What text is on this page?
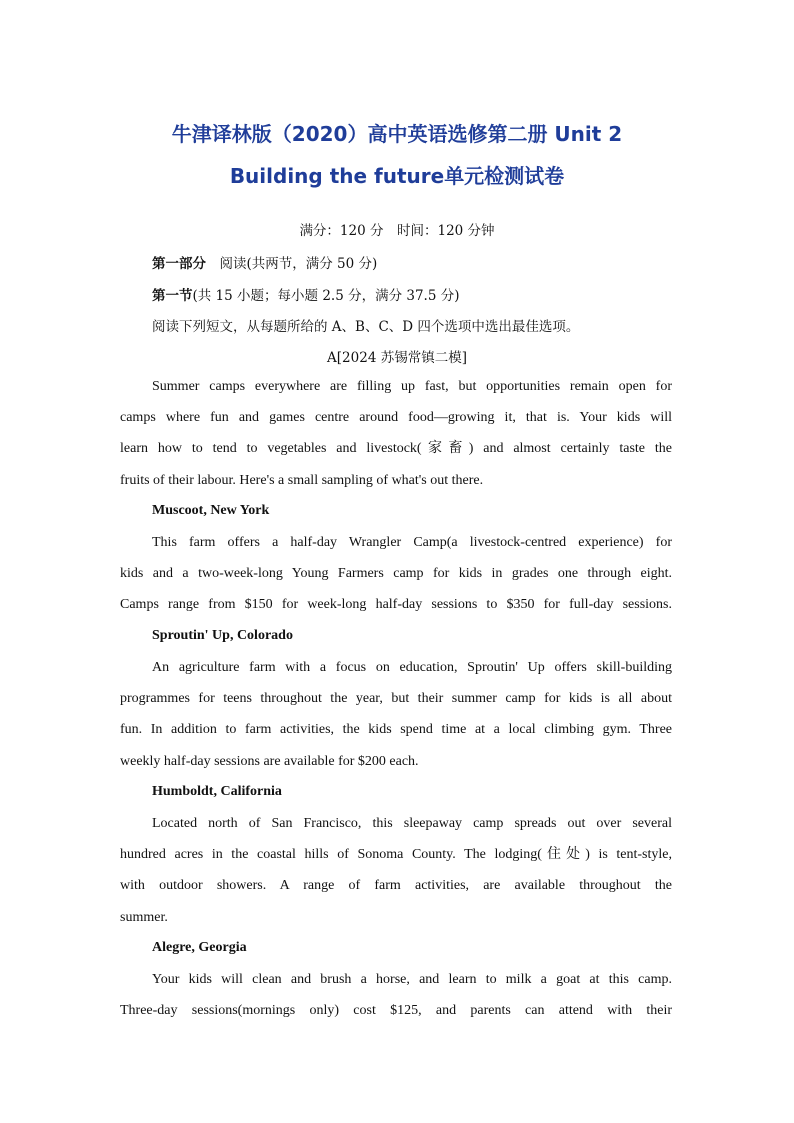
牛津译林版（2020）高中英语选修第二册 Unit 2
Building the future单元检测试卷
满分：120 分　时间：120 分钟
第一部分　阅读(共两节，满分 50 分)
第一节(共 15 小题；每小题 2.5 分，满分 37.5 分)
阅读下列短文，从每题所给的 A、B、C、D 四个选项中选出最佳选项。
A[2024 苏锡常镇二模]
Summer camps everywhere are filling up fast, but opportunities remain open for
camps where fun and games centre around food—growing it, that is. Your kids will
learn how to tend to vegetables and livestock(家畜) and almost certainly taste the
fruits of their labour. Here's a small sampling of what's out there.
Muscoot, New York
This farm offers a half-day Wrangler Camp(a livestock-centred experience) for
kids and a two-week-long Young Farmers camp for kids in grades one through eight.
Camps range from $150 for week-long half-day sessions to $350 for full-day sessions.
Sproutin' Up, Colorado
An agriculture farm with a focus on education, Sproutin' Up offers skill-building
programmes for teens throughout the year, but their summer camp for kids is all about
fun. In addition to farm activities, the kids spend time at a local climbing gym. Three
weekly half-day sessions are available for $200 each.
Humboldt, California
Located north of San Francisco, this sleepaway camp spreads out over several
hundred acres in the coastal hills of Sonoma County. The lodging(住处) is tent-style,
with outdoor showers. A range of farm activities, are available throughout the
summer.
Alegre, Georgia
Your kids will clean and brush a horse, and learn to milk a goat at this camp.
Three-day sessions(mornings only) cost $125, and parents can attend with their
